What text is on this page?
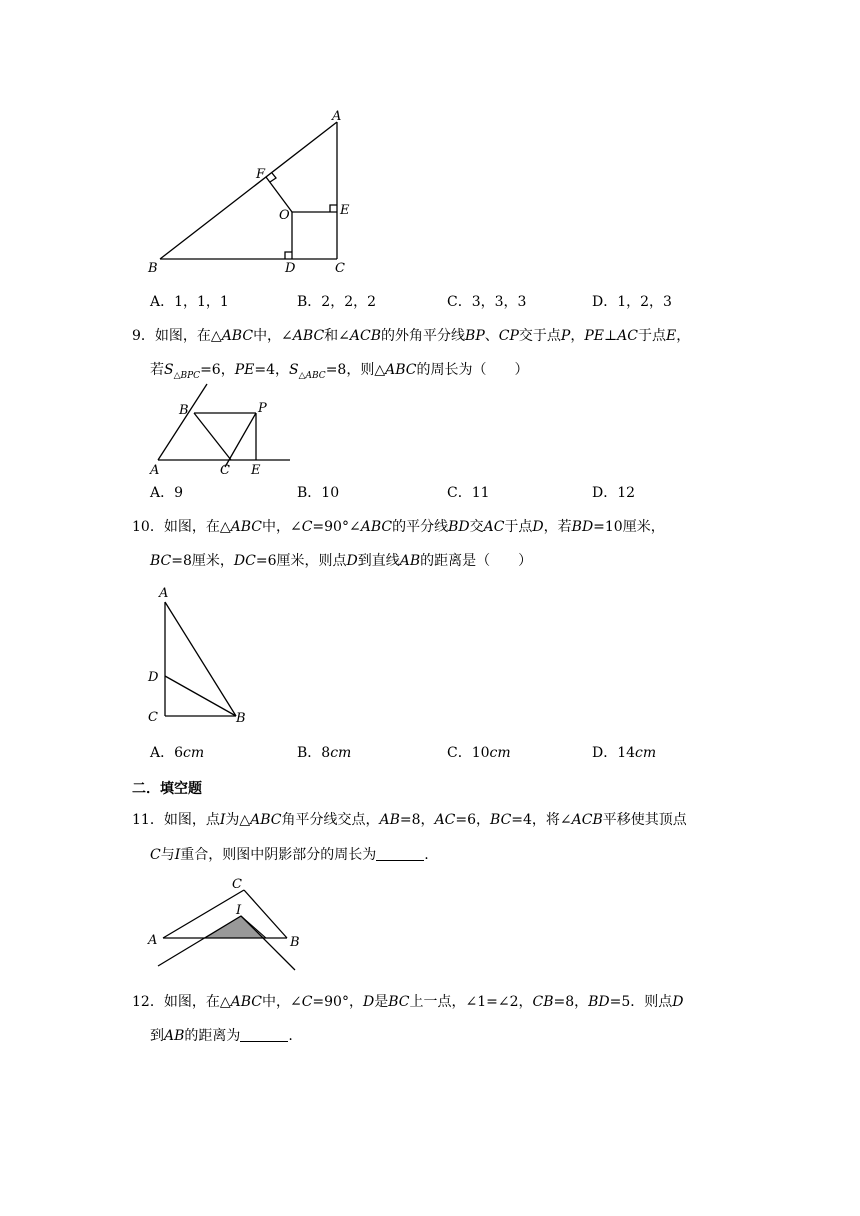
A
B	C
D
E
F
O
A．1，1，1	B．2，2，2	C．3，3，3	D．1，2，3
9．如图，在△ABC中，∠ABC和∠ACB的外角平分线BP、CP交于点P，PE⊥AC于点E，
若$S_{\triangle BPC}=6$，PE=4，$S_{\triangle ABC}=8$，则△ABC的周长为（　　）
A
B
C E
P
A．9	B．10	C．11	D．12
10．如图，在△ABC中，∠C=90°∠ABC的平分线BD交AC于点D，若BD=10厘米，
BC=8厘米，DC=6厘米，则点D到直线AB的距离是（　　）
A
D
C	B
A．6cm	B．8cm	C．10cm	D．14cm
二．填空题
11．如图，点I为△ABC角平分线交点，AB=8，AC=6，BC=4，将∠ACB平移使其顶点
C与I重合，则图中阴影部分的周长为	.
A	B
C
I
12．如图，在△ABC中，∠C=90°，D是BC上一点，∠1=∠2，CB=8，BD=5．则点D
到AB的距离为	.
